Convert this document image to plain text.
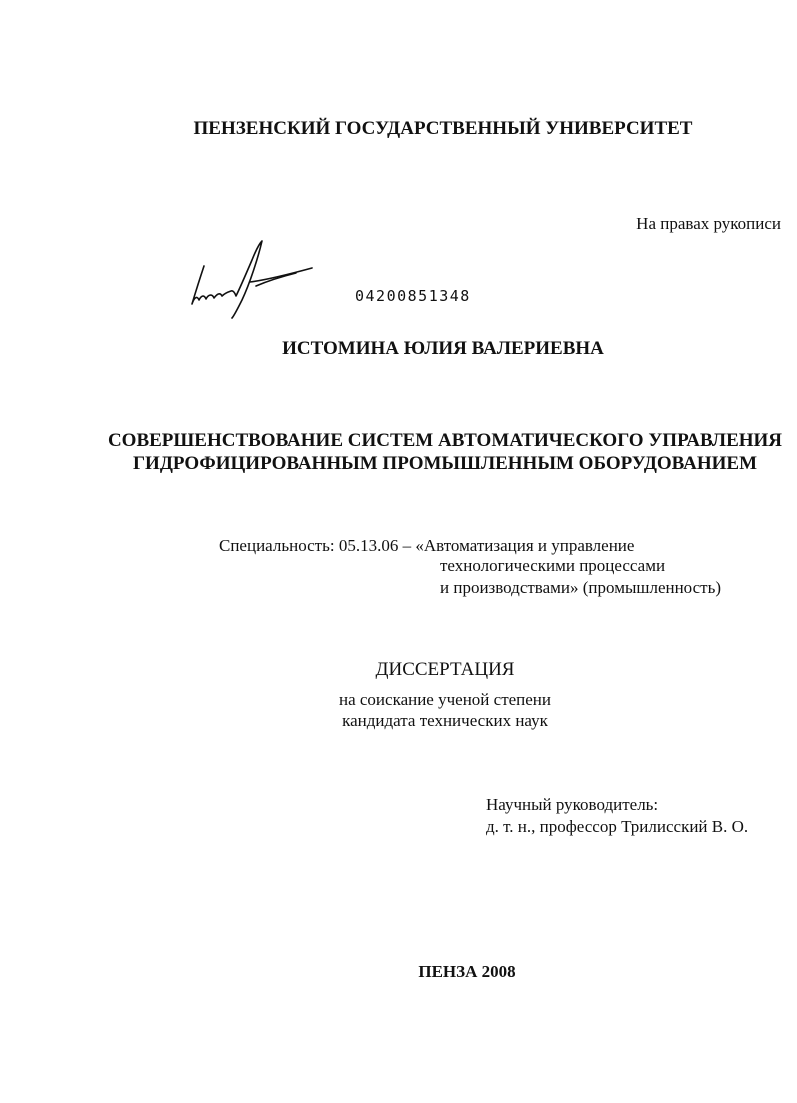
ПЕНЗЕНСКИЙ ГОСУДАРСТВЕННЫЙ УНИВЕРСИТЕТ
На правах рукописи
04200851348
ИСТОМИНА ЮЛИЯ ВАЛЕРИЕВНА
СОВЕРШЕНСТВОВАНИЕ СИСТЕМ АВТОМАТИЧЕСКОГО УПРАВЛЕНИЯ
ГИДРОФИЦИРОВАННЫМ ПРОМЫШЛЕННЫМ ОБОРУДОВАНИЕМ
Специальность: 05.13.06 – «Автоматизация и управление
технологическими процессами
и производствами» (промышленность)
ДИССЕРТАЦИЯ
на соискание ученой степени
кандидата технических наук
Научный руководитель:
д. т. н., профессор Трилисский В. О.
ПЕНЗА 2008
